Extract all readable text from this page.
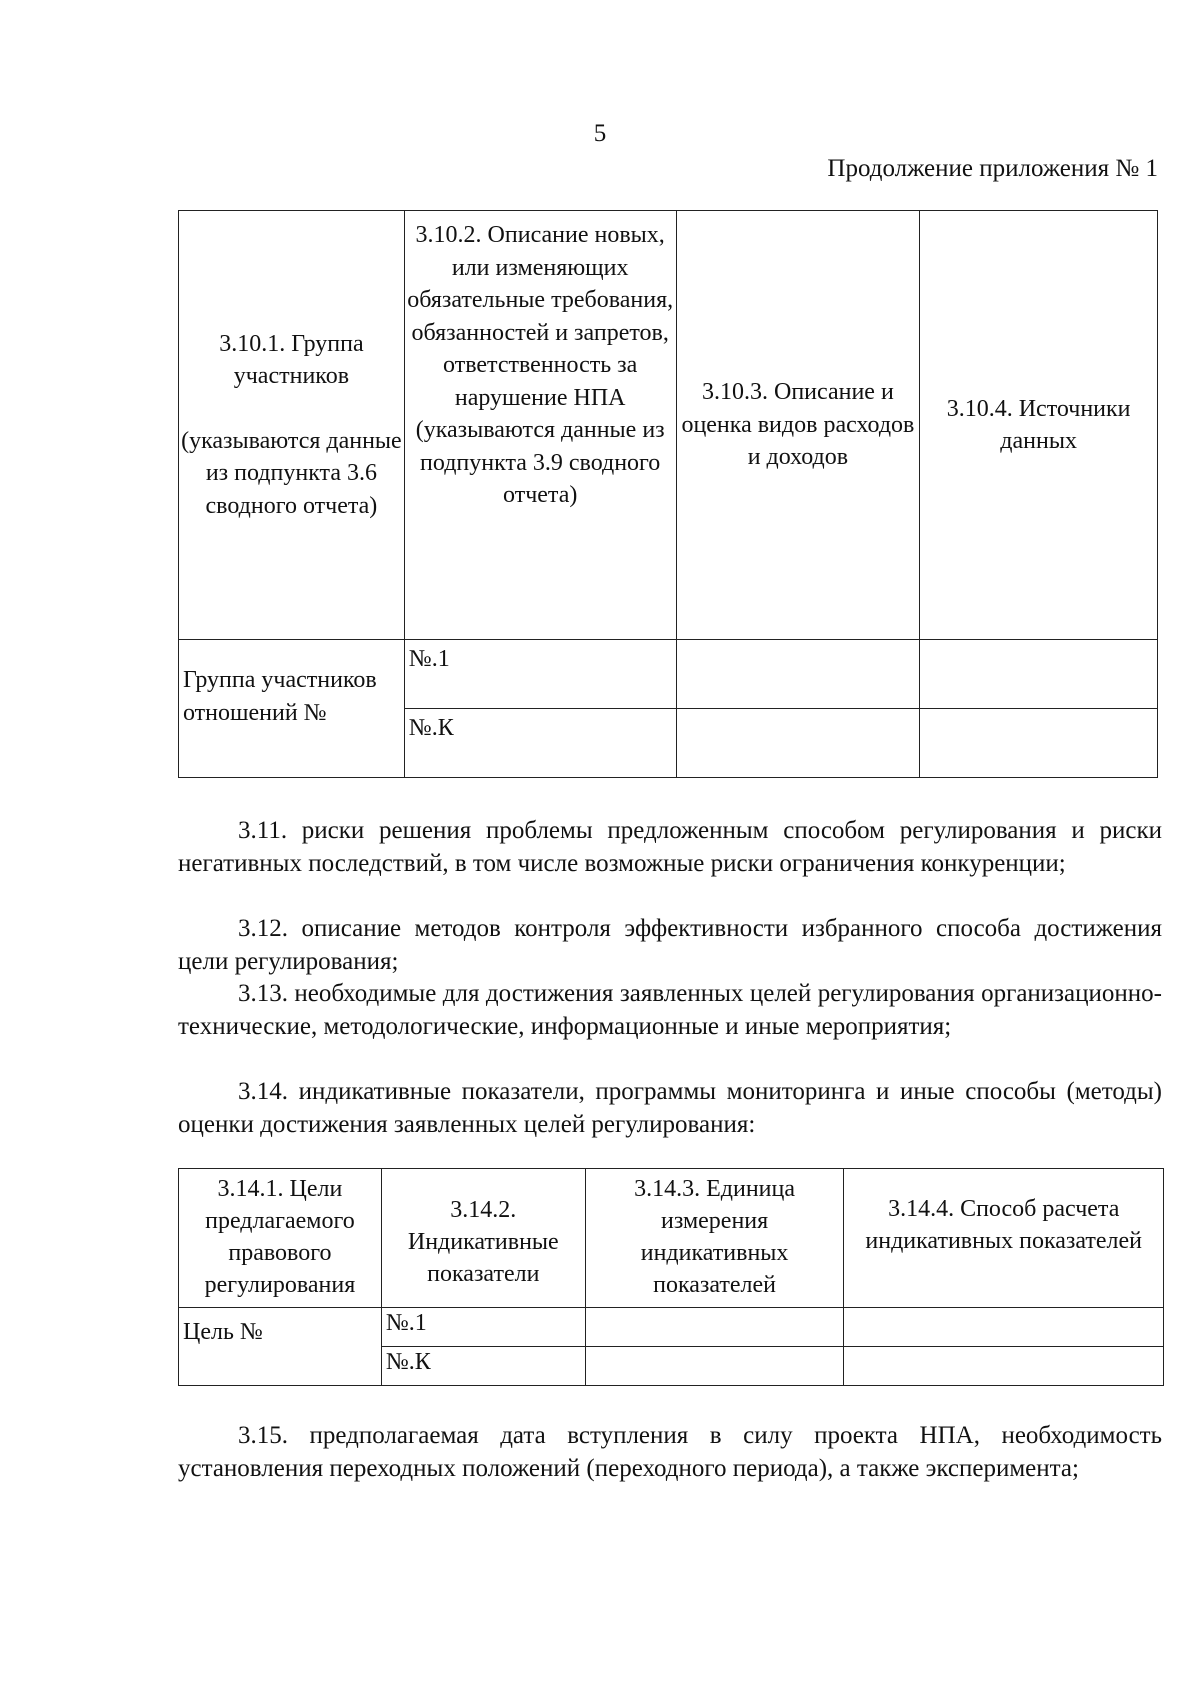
5
Продолжение приложения № 1
3.10.1. Группа участников
(указываются данные из подпункта 3.6 сводного отчета)	3.10.2. Описание новых, или изменяющих обязательные требования, обязанностей и запретов, ответственность за нарушение НПА (указываются данные из подпункта 3.9 сводного отчета)	3.10.3. Описание и оценка видов расходов и доходов	3.10.4. Источники данных

Группа участников отношений №	№.1		

	№.К		

3.11. риски решения проблемы предложенным способом регулирования и риски негативных последствий, в том числе возможные риски ограничения конкуренции;
3.12. описание методов контроля эффективности избранного способа достижения цели регулирования;
3.13. необходимые для достижения заявленных целей регулирования организационно-технические, методологические, информационные и иные мероприятия;
3.14. индикативные показатели, программы мониторинга и иные способы (методы) оценки достижения заявленных целей регулирования:
3.14.1. Цели предлагаемого правового регулирования	3.14.2. Индикативные показатели	3.14.3. Единица измерения индикативных показателей	3.14.4. Способ расчета индикативных показателей

Цель №	№.1		

	№.К		

3.15. предполагаемая дата вступления в силу проекта НПА, необходимость установления переходных положений (переходного периода), а также эксперимента;
